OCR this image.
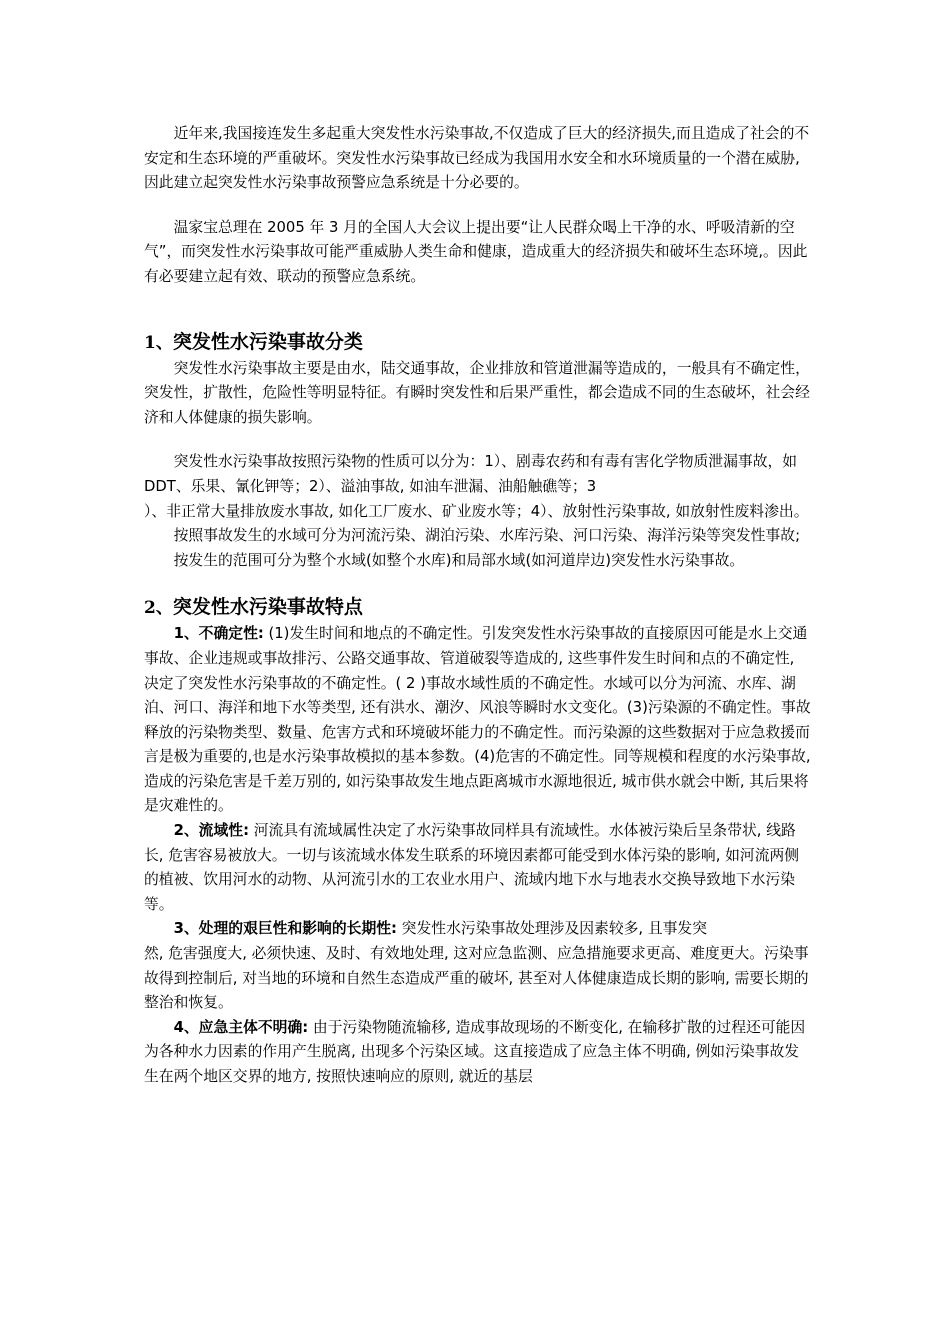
近年来,我国接连发生多起重大突发性水污染事故,不仅造成了巨大的经济损失,而且造成了社会的不安定和生态环境的严重破坏。突发性水污染事故已经成为我国用水安全和水环境质量的一个潜在威胁,因此建立起突发性水污染事故预警应急系统是十分必要的。

温家宝总理在 2005 年 3 月的全国人大会议上提出要“让人民群众喝上干净的水、呼吸清新的空气”，而突发性水污染事故可能严重威胁人类生命和健康，造成重大的经济损失和破坏生态环境,。因此有必要建立起有效、联动的预警应急系统。

1、突发性水污染事故分类

突发性水污染事故主要是由水，陆交通事故，企业排放和管道泄漏等造成的，一般具有不确定性，突发性，扩散性，危险性等明显特征。有瞬时突发性和后果严重性，都会造成不同的生态破坏，社会经济和人体健康的损失影响。

突发性水污染事故按照污染物的性质可以分为：1）、剧毒农药和有毒有害化学物质泄漏事故，如 DDT、乐果、氰化钾等；2）、溢油事故, 如油车泄漏、油船触礁等；3

）、非正常大量排放废水事故, 如化工厂废水、矿业废水等；4）、放射性污染事故, 如放射性废料渗出。

按照事故发生的水域可分为河流污染、湖泊污染、水库污染、河口污染、海洋污染等突发性事故;

按发生的范围可分为整个水域(如整个水库)和局部水域(如河道岸边)突发性水污染事故。

2、突发性水污染事故特点

1、不确定性: (1)发生时间和地点的不确定性。引发突发性水污染事故的直接原因可能是水上交通事故、企业违规或事故排污、公路交通事故、管道破裂等造成的, 这些事件发生时间和点的不确定性, 决定了突发性水污染事故的不确定性。( 2 )事故水域性质的不确定性。水域可以分为河流、水库、湖泊、河口、海洋和地下水等类型, 还有洪水、潮汐、风浪等瞬时水文变化。(3)污染源的不确定性。事故释放的污染物类型、数量、危害方式和环境破坏能力的不确定性。而污染源的这些数据对于应急救援而言是极为重要的,也是水污染事故模拟的基本参数。(4)危害的不确定性。同等规模和程度的水污染事故, 造成的污染危害是千差万别的, 如污染事故发生地点距离城市水源地很近, 城市供水就会中断, 其后果将是灾难性的。

2、流域性: 河流具有流域属性决定了水污染事故同样具有流域性。水体被污染后呈条带状, 线路长, 危害容易被放大。一切与该流域水体发生联系的环境因素都可能受到水体污染的影响, 如河流两侧的植被、饮用河水的动物、从河流引水的工农业水用户、流域内地下水与地表水交换导致地下水污染等。

3、处理的艰巨性和影响的长期性: 突发性水污染事故处理涉及因素较多, 且事发突

然, 危害强度大, 必须快速、及时、有效地处理, 这对应急监测、应急措施要求更高、难度更大。污染事故得到控制后, 对当地的环境和自然生态造成严重的破坏, 甚至对人体健康造成长期的影响, 需要长期的整治和恢复。

4、应急主体不明确: 由于污染物随流输移, 造成事故现场的不断变化, 在输移扩散的过程还可能因为各种水力因素的作用产生脱离, 出现多个污染区域。这直接造成了应急主体不明确, 例如污染事故发生在两个地区交界的地方, 按照快速响应的原则, 就近的基层
